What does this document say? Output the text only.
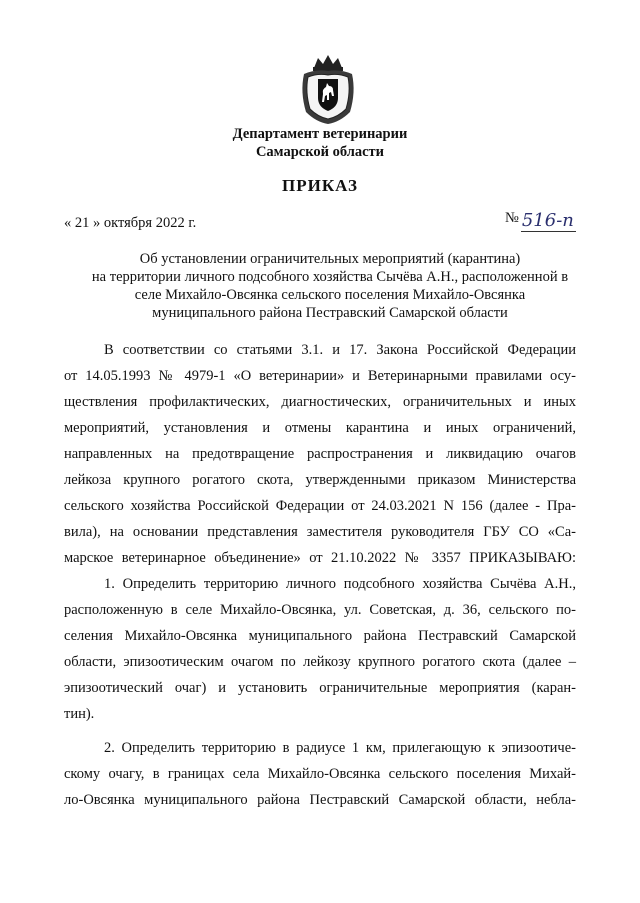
Департамент ветеринарии
Самарской области
ПРИКАЗ
« 21 » октября 2022 г.	№ 516-п
Об установлении ограничительных мероприятий (карантина)
на территории личного подсобного хозяйства Сычёва А.Н., расположенной в
селе Михайло-Овсянка сельского поселения Михайло-Овсянка
муниципального района Пестравский Самарской области
В соответствии со статьями 3.1. и 17. Закона Российской Федерации
от 14.05.1993 № 4979-1 «О ветеринарии» и Ветеринарными правилами осу-
ществления профилактических, диагностических, ограничительных и иных
мероприятий, установления и отмены карантина и иных ограничений,
направленных на предотвращение распространения и ликвидацию очагов
лейкоза крупного рогатого скота, утвержденными приказом Министерства
сельского хозяйства Российской Федерации от 24.03.2021 N 156 (далее - Пра-
вила), на основании представления заместителя руководителя ГБУ СО «Са-
марское ветеринарное объединение» от 21.10.2022 № 3357 ПРИКАЗЫВАЮ:
1. Определить территорию личного подсобного хозяйства Сычёва А.Н.,
расположенную в селе Михайло-Овсянка, ул. Советская, д. 36, сельского по-
селения Михайло-Овсянка муниципального района Пестравский Самарской
области, эпизоотическим очагом по лейкозу крупного рогатого скота (далее –
эпизоотический очаг) и установить ограничительные мероприятия (каран-
тин).
2. Определить территорию в радиусе 1 км, прилегающую к эпизоотиче-
скому очагу, в границах села Михайло-Овсянка сельского поселения Михай-
ло-Овсянка муниципального района Пестравский Самарской области, небла-
